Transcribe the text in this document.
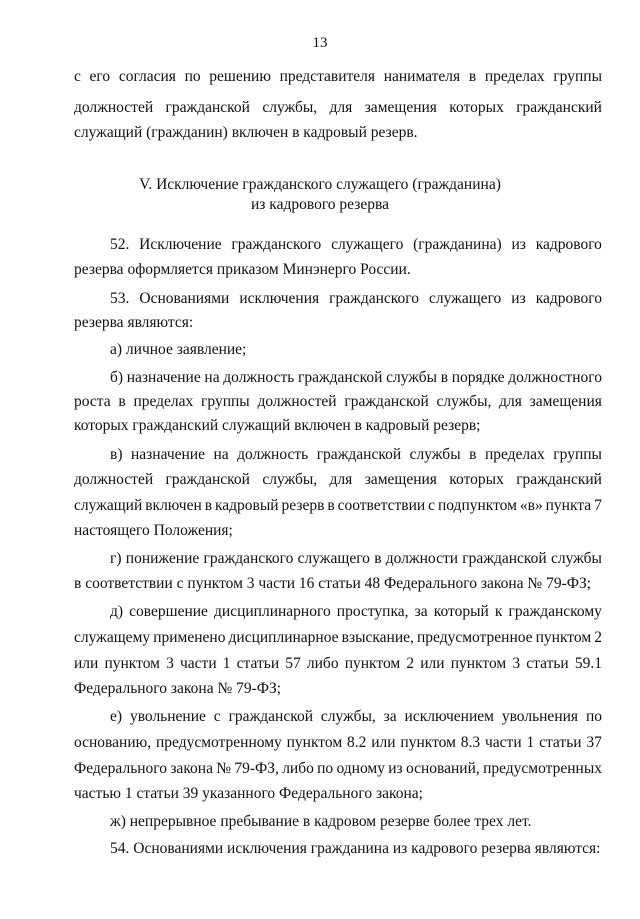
13
с его согласия по решению представителя нанимателя в пределах группы
должностей гражданской службы, для замещения которых гражданский
служащий (гражданин) включен в кадровый резерв.
V. Исключение гражданского служащего (гражданина)
из кадрового резерва
52. Исключение гражданского служащего (гражданина) из кадрового
резерва оформляется приказом Минэнерго России.
53. Основаниями исключения гражданского служащего из кадрового
резерва являются:
а) личное заявление;
б) назначение на должность гражданской службы в порядке должностного
роста в пределах группы должностей гражданской службы, для замещения
которых гражданский служащий включен в кадровый резерв;
в) назначение на должность гражданской службы в пределах группы
должностей гражданской службы, для замещения которых гражданский
служащий включен в кадровый резерв в соответствии с подпунктом «в» пункта 7
настоящего Положения;
г) понижение гражданского служащего в должности гражданской службы
в соответствии с пунктом 3 части 16 статьи 48 Федерального закона № 79-ФЗ;
д) совершение дисциплинарного проступка, за который к гражданскому
служащему применено дисциплинарное взыскание, предусмотренное пунктом 2
или пунктом 3 части 1 статьи 57 либо пунктом 2 или пунктом 3 статьи 59.1
Федерального закона № 79-ФЗ;
е) увольнение с гражданской службы, за исключением увольнения по
основанию, предусмотренному пунктом 8.2 или пунктом 8.3 части 1 статьи 37
Федерального закона № 79-ФЗ, либо по одному из оснований, предусмотренных
частью 1 статьи 39 указанного Федерального закона;
ж) непрерывное пребывание в кадровом резерве более трех лет.
54. Основаниями исключения гражданина из кадрового резерва являются:
